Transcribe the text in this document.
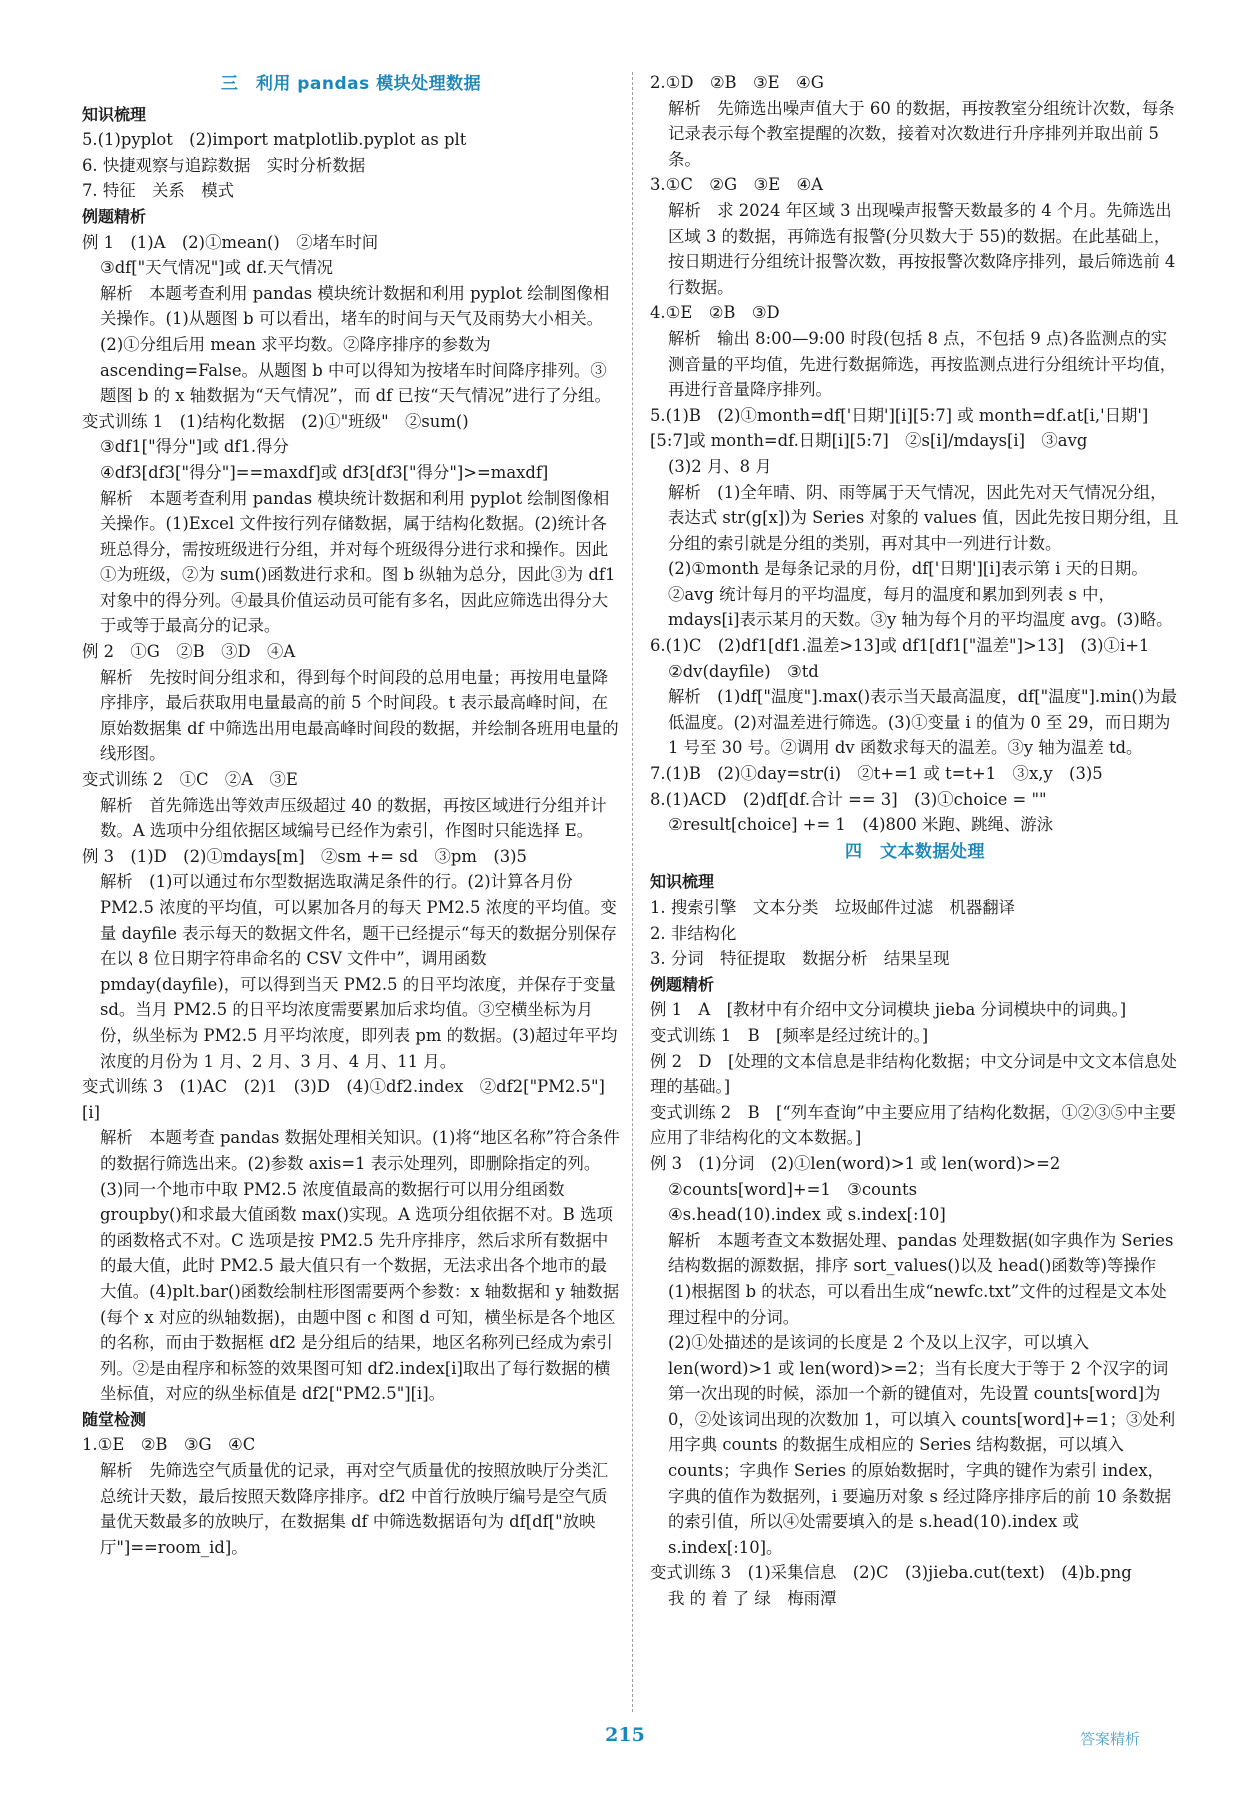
三　利用 pandas 模块处理数据
知识梳理
5.(1)pyplot　(2)import matplotlib.pyplot as plt
6. 快捷观察与追踪数据　实时分析数据
7. 特征　关系　模式
例题精析
例 1　(1)A　(2)①mean()　②堵车时间
③df["天气情况"]或 df.天气情况
解析　本题考查利用 pandas 模块统计数据和利用 pyplot 绘制图像相关操作。(1)从题图 b 可以看出，堵车的时间与天气及雨势大小相关。(2)①分组后用 mean 求平均数。②降序排序的参数为 ascending=False。从题图 b 中可以得知为按堵车时间降序排列。③题图 b 的 x 轴数据为“天气情况”，而 df 已按“天气情况”进行了分组。
变式训练 1　(1)结构化数据　(2)①"班级"　②sum()
③df1["得分"]或 df1.得分
④df3[df3["得分"]==maxdf]或 df3[df3["得分"]>=maxdf]
解析　本题考查利用 pandas 模块统计数据和利用 pyplot 绘制图像相关操作。(1)Excel 文件按行列存储数据，属于结构化数据。(2)统计各班总得分，需按班级进行分组，并对每个班级得分进行求和操作。因此①为班级，②为 sum()函数进行求和。图 b 纵轴为总分，因此③为 df1 对象中的得分列。④最具价值运动员可能有多名，因此应筛选出得分大于或等于最高分的记录。
例 2　①G　②B　③D　④A
解析　先按时间分组求和，得到每个时间段的总用电量；再按用电量降序排序，最后获取用电量最高的前 5 个时间段。t 表示最高峰时间，在原始数据集 df 中筛选出用电最高峰时间段的数据，并绘制各班用电量的线形图。
变式训练 2　①C　②A　③E
解析　首先筛选出等效声压级超过 40 的数据，再按区域进行分组并计数。A 选项中分组依据区域编号已经作为索引，作图时只能选择 E。
例 3　(1)D　(2)①mdays[m]　②sm += sd　③pm　(3)5
解析　(1)可以通过布尔型数据选取满足条件的行。(2)计算各月份 PM2.5 浓度的平均值，可以累加各月的每天 PM2.5 浓度的平均值。变量 dayfile 表示每天的数据文件名，题干已经提示“每天的数据分别保存在以 8 位日期字符串命名的 CSV 文件中”，调用函数 pmday(dayfile)，可以得到当天 PM2.5 的日平均浓度，并保存于变量 sd。当月 PM2.5 的日平均浓度需要累加后求均值。③空横坐标为月份，纵坐标为 PM2.5 月平均浓度，即列表 pm 的数据。(3)超过年平均浓度的月份为 1 月、2 月、3 月、4 月、11 月。
变式训练 3　(1)AC　(2)1　(3)D　(4)①df2.index　②df2["PM2.5"][i]
解析　本题考查 pandas 数据处理相关知识。(1)将“地区名称”符合条件的数据行筛选出来。(2)参数 axis=1 表示处理列，即删除指定的列。(3)同一个地市中取 PM2.5 浓度值最高的数据行可以用分组函数 groupby()和求最大值函数 max()实现。A 选项分组依据不对。B 选项的函数格式不对。C 选项是按 PM2.5 先升序排序，然后求所有数据中的最大值，此时 PM2.5 最大值只有一个数据，无法求出各个地市的最大值。(4)plt.bar()函数绘制柱形图需要两个参数：x 轴数据和 y 轴数据(每个 x 对应的纵轴数据)，由题中图 c 和图 d 可知，横坐标是各个地区的名称，而由于数据框 df2 是分组后的结果，地区名称列已经成为索引列。②是由程序和标签的效果图可知 df2.index[i]取出了每行数据的横坐标值，对应的纵坐标值是 df2["PM2.5"][i]。
随堂检测
1.①E　②B　③G　④C
解析　先筛选空气质量优的记录，再对空气质量优的按照放映厅分类汇总统计天数，最后按照天数降序排序。df2 中首行放映厅编号是空气质量优天数最多的放映厅，在数据集 df 中筛选数据语句为 df[df["放映厅"]==room_id]。
2.①D　②B　③E　④G
解析　先筛选出噪声值大于 60 的数据，再按教室分组统计次数，每条记录表示每个教室提醒的次数，接着对次数进行升序排列并取出前 5 条。
3.①C　②G　③E　④A
解析　求 2024 年区域 3 出现噪声报警天数最多的 4 个月。先筛选出区域 3 的数据，再筛选有报警(分贝数大于 55)的数据。在此基础上，按日期进行分组统计报警次数，再按报警次数降序排列，最后筛选前 4 行数据。
4.①E　②B　③D
解析　输出 8:00—9:00 时段(包括 8 点，不包括 9 点)各监测点的实测音量的平均值，先进行数据筛选，再按监测点进行分组统计平均值，再进行音量降序排列。
5.(1)B　(2)①month=df['日期'][i][5:7] 或 month=df.at[i,'日期'][5:7]或 month=df.日期[i][5:7]　②s[i]/mdays[i]　③avg
(3)2 月、8 月
解析　(1)全年晴、阴、雨等属于天气情况，因此先对天气情况分组，表达式 str(g[x])为 Series 对象的 values 值，因此先按日期分组，且分组的索引就是分组的类别，再对其中一列进行计数。
(2)①month 是每条记录的月份，df['日期'][i]表示第 i 天的日期。②avg 统计每月的平均温度，每月的温度和累加到列表 s 中，mdays[i]表示某月的天数。③y 轴为每个月的平均温度 avg。(3)略。
6.(1)C　(2)df1[df1.温差>13]或 df1[df1["温差"]>13]　(3)①i+1
②dv(dayfile)　③td
解析　(1)df["温度"].max()表示当天最高温度，df["温度"].min()为最低温度。(2)对温差进行筛选。(3)①变量 i 的值为 0 至 29，而日期为 1 号至 30 号。②调用 dv 函数求每天的温差。③y 轴为温差 td。
7.(1)B　(2)①day=str(i)　②t+=1 或 t=t+1　③x,y　(3)5
8.(1)ACD　(2)df[df.合计 == 3]　(3)①choice = ""
②result[choice] += 1　(4)800 米跑、跳绳、游泳
四　文本数据处理
知识梳理
1. 搜索引擎　文本分类　垃圾邮件过滤　机器翻译
2. 非结构化
3. 分词　特征提取　数据分析　结果呈现
例题精析
例 1　A　[教材中有介绍中文分词模块 jieba 分词模块中的词典。]
变式训练 1　B　[频率是经过统计的。]
例 2　D　[处理的文本信息是非结构化数据；中文分词是中文文本信息处理的基础。]
变式训练 2　B　[“列车查询”中主要应用了结构化数据，①②③⑤中主要应用了非结构化的文本数据。]
例 3　(1)分词　(2)①len(word)>1 或 len(word)>=2
②counts[word]+=1　③counts
④s.head(10).index 或 s.index[:10]
解析　本题考查文本数据处理、pandas 处理数据(如字典作为 Series 结构数据的源数据，排序 sort_values()以及 head()函数等)等操作
(1)根据图 b 的状态，可以看出生成“newfc.txt”文件的过程是文本处理过程中的分词。
(2)①处描述的是该词的长度是 2 个及以上汉字，可以填入 len(word)>1 或 len(word)>=2；当有长度大于等于 2 个汉字的词第一次出现的时候，添加一个新的键值对，先设置 counts[word]为 0，②处该词出现的次数加 1，可以填入 counts[word]+=1；③处利用字典 counts 的数据生成相应的 Series 结构数据，可以填入 counts；字典作 Series 的原始数据时，字典的键作为索引 index，字典的值作为数据列，i 要遍历对象 s 经过降序排序后的前 10 条数据的索引值，所以④处需要填入的是 s.head(10).index 或 s.index[:10]。
变式训练 3　(1)采集信息　(2)C　(3)jieba.cut(text)　(4)b.png
我 的 着 了 绿　梅雨潭
215	答案精析
